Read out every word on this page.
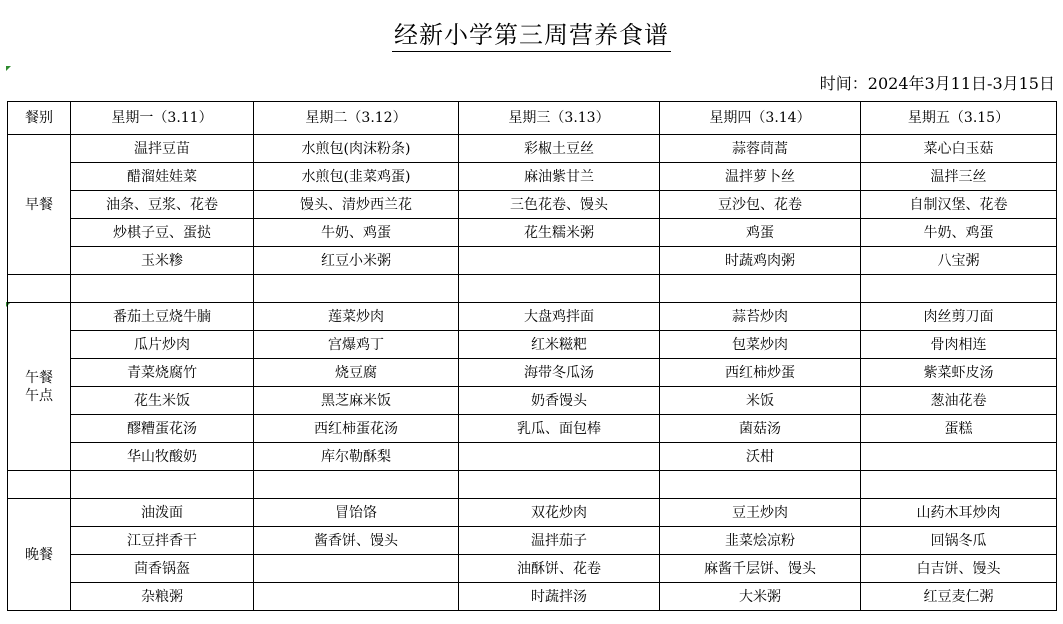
经新小学第三周营养食谱
时间：2024年3月11日-3月15日
餐别	星期一（3.11）	星期二（3.12）	星期三（3.13）	星期四（3.14）	星期五（3.15）

早餐	温拌豆苗	水煎包(肉沫粉条)	彩椒土豆丝	蒜蓉茼蒿	菜心白玉菇
	醋溜娃娃菜	水煎包(韭菜鸡蛋)	麻油紫甘兰	温拌萝卜丝	温拌三丝
	油条、豆浆、花卷	馒头、清炒西兰花	三色花卷、馒头	豆沙包、花卷	自制汉堡、花卷
	炒棋子豆、蛋挞	牛奶、鸡蛋	花生糯米粥	鸡蛋	牛奶、鸡蛋
	玉米糁	红豆小米粥		时蔬鸡肉粥	八宝粥

午餐
午点	番茄土豆烧牛腩	莲菜炒肉	大盘鸡拌面	蒜苔炒肉	肉丝剪刀面
	瓜片炒肉	宫爆鸡丁	红米糍粑	包菜炒肉	骨肉相连
	青菜烧腐竹	烧豆腐	海带冬瓜汤	西红柿炒蛋	紫菜虾皮汤
	花生米饭	黑芝麻米饭	奶香馒头	米饭	葱油花卷
	醪糟蛋花汤	西红柿蛋花汤	乳瓜、面包棒	菌菇汤	蛋糕
	华山牧酸奶	库尔勒酥梨		沃柑	

晚餐	油泼面	冒饴饹	双花炒肉	豆王炒肉	山药木耳炒肉
	江豆拌香干	酱香饼、馒头	温拌茄子	韭菜烩凉粉	回锅冬瓜
	茴香锅盔		油酥饼、花卷	麻酱千层饼、馒头	白吉饼、馒头
	杂粮粥		时蔬拌汤	大米粥	红豆麦仁粥
